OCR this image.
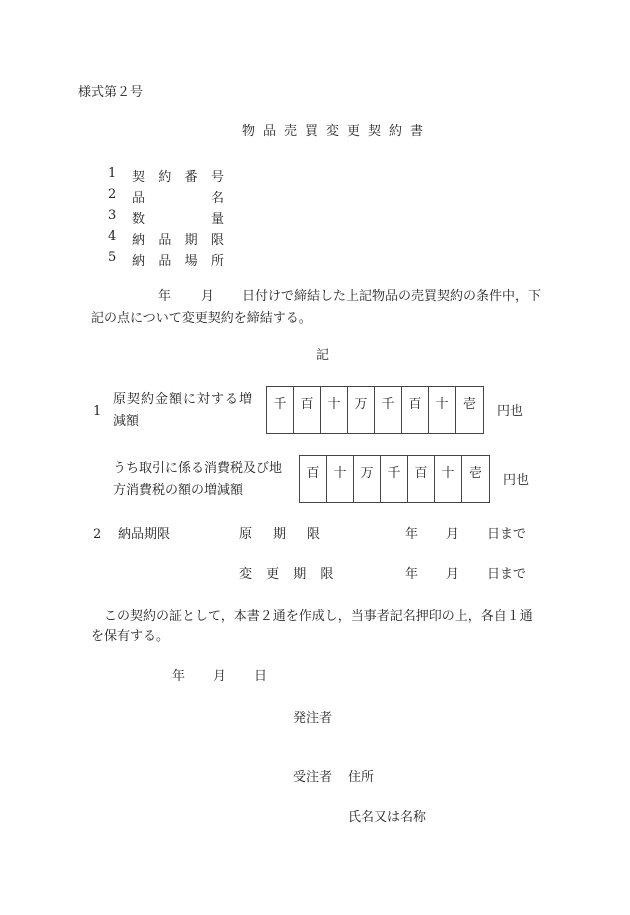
様式第２号
物品売買変更契約書
1	契 約 番 号
2	品	名
3	数	量
4	納 品 期 限
5	納 品 場 所
年 月 日付けで締結した上記物品の売買契約の条件中，下
記の点について変更契約を締結する。
記
1
原契約金額に対する増
減額
千	百	十	万	千	百	十	壱	円也
うち取引に係る消費税及び地
方消費税の額の増減額
百	十	万	千	百	十	壱	円也
2 納品期限	原　期　限	年 月 日まで
変 更 期 限	年 月 日まで
この契約の証として，本書２通を作成し，当事者記名押印の上，各自１通
を保有する。
年 月 日
発注者
受注者 住所
氏名又は名称
